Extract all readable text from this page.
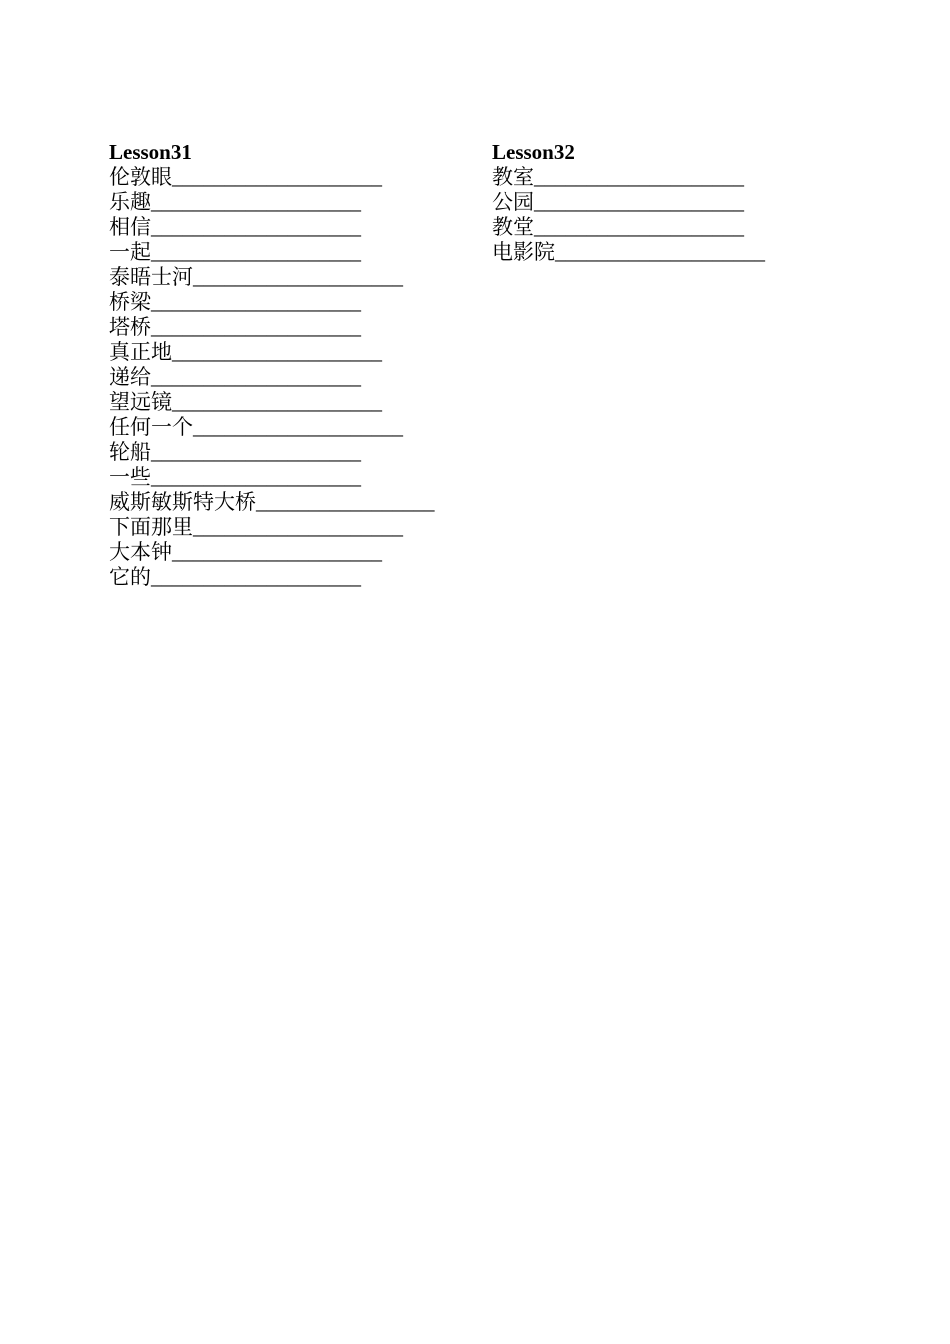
Lesson31
伦敦眼____________________
乐趣____________________
相信____________________
一起____________________
泰晤士河____________________
桥梁____________________
塔桥____________________
真正地____________________
递给____________________
望远镜____________________
任何一个____________________
轮船____________________
一些____________________
威斯敏斯特大桥_________________
下面那里____________________
大本钟____________________
它的____________________
Lesson32
教室____________________
公园____________________
教堂____________________
电影院____________________
